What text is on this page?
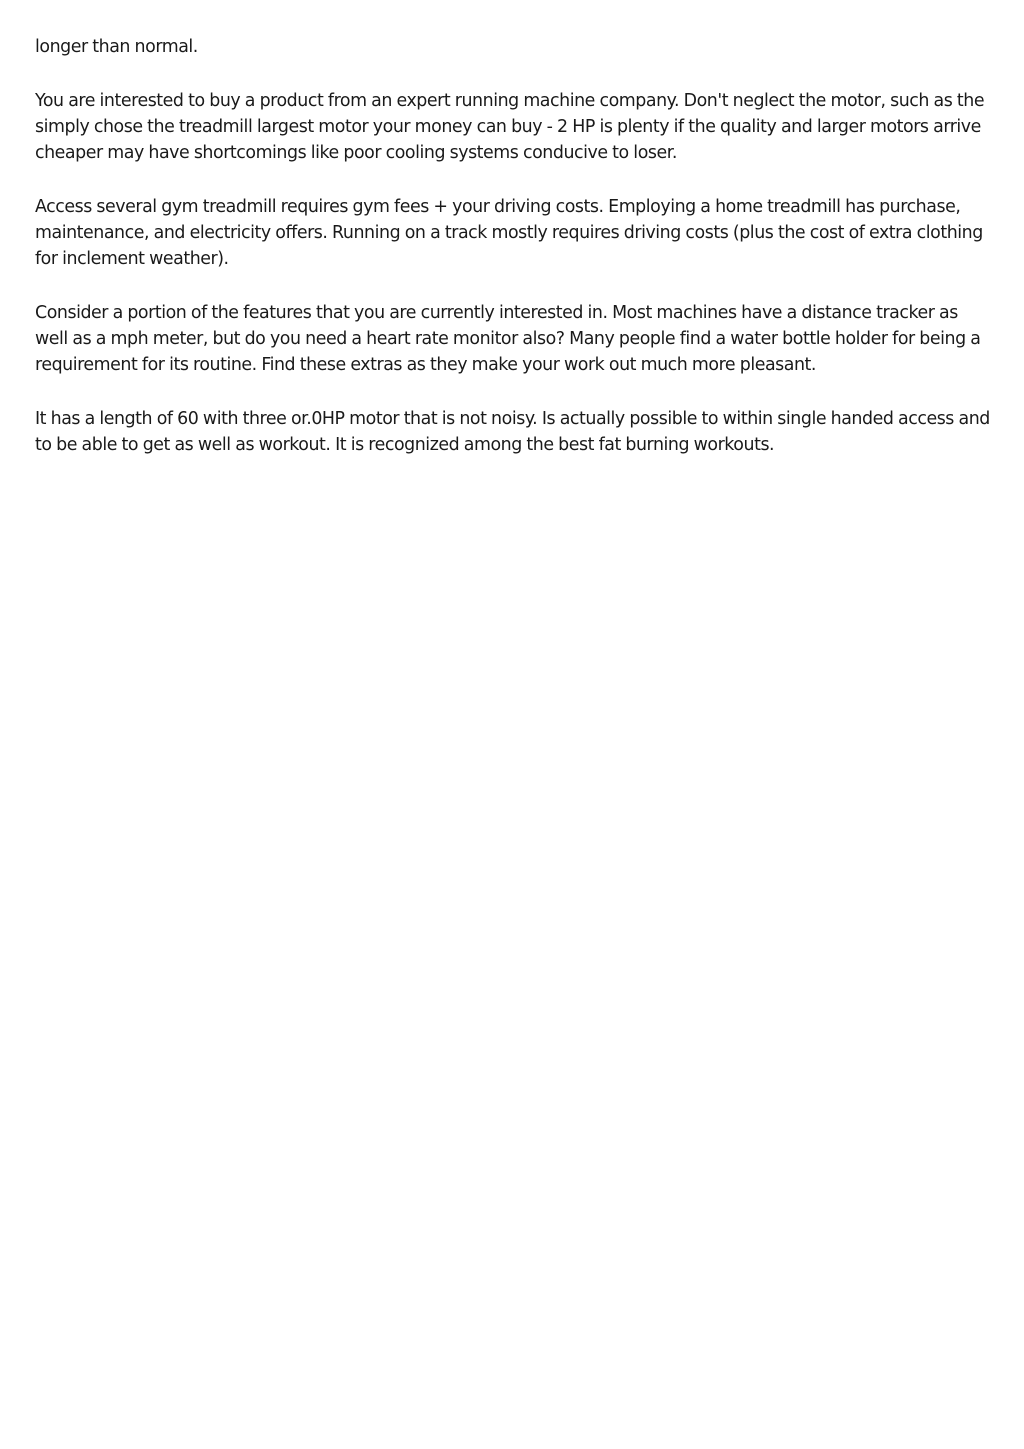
longer than normal.

You are interested to buy a product from an expert running machine company. Don't neglect the motor, such as the simply chose the treadmill largest motor your money can buy - 2 HP is plenty if the quality and larger motors arrive cheaper may have shortcomings like poor cooling systems conducive to loser.

Access several gym treadmill requires gym fees + your driving costs. Employing a home treadmill has purchase, maintenance, and electricity offers. Running on a track mostly requires driving costs (plus the cost of extra clothing for inclement weather).

Consider a portion of the features that you are currently interested in. Most machines have a distance tracker as well as a mph meter, but do you need a heart rate monitor also? Many people find a water bottle holder for being a requirement for its routine. Find these extras as they make your work out much more pleasant.

It has a length of 60 with three or.0HP motor that is not noisy. Is actually possible to within single handed access and to be able to get as well as workout. It is recognized among the best fat burning workouts.
